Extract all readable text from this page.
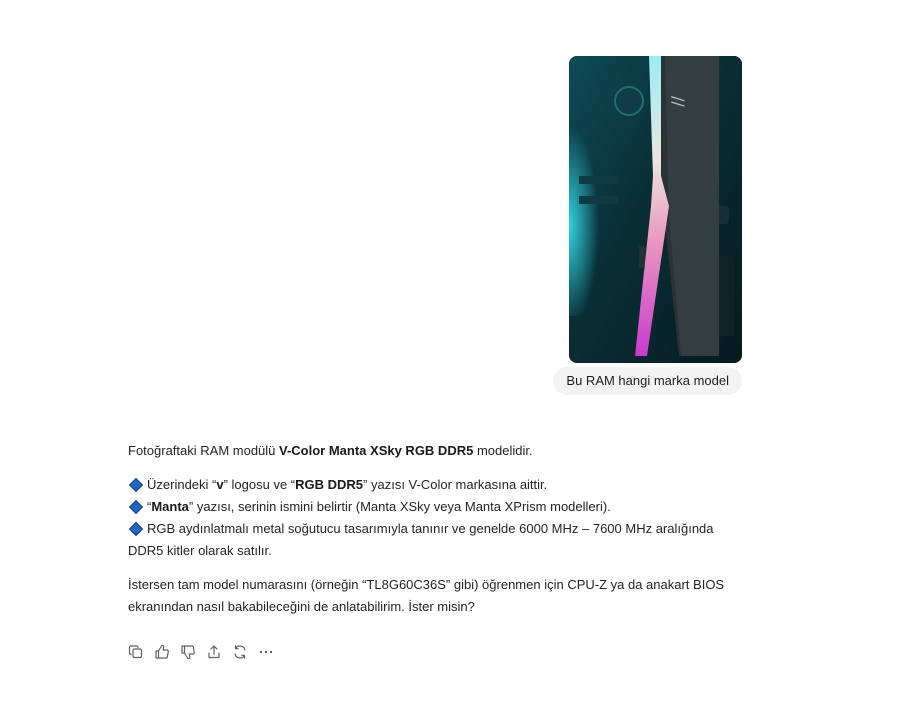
//
Bu RAM hangi marka model

Fotoğraftaki RAM modülü V-Color Manta XSky RGB DDR5 modelidir.

Üzerindeki “v” logosu ve “RGB DDR5” yazısı V-Color markasına aittir.

“Manta” yazısı, serinin ismini belirtir (Manta XSky veya Manta XPrism modelleri).

RGB aydınlatmalı metal soğutucu tasarımıyla tanınır ve genelde 6000 MHz – 7600 MHz aralığında DDR5 kitler olarak satılır.

İstersen tam model numarasını (örneğin “TL8G60C36S” gibi) öğrenmen için CPU-Z ya da anakart BIOS ekranından nasıl bakabileceğini de anlatabilirim. İster misin?
